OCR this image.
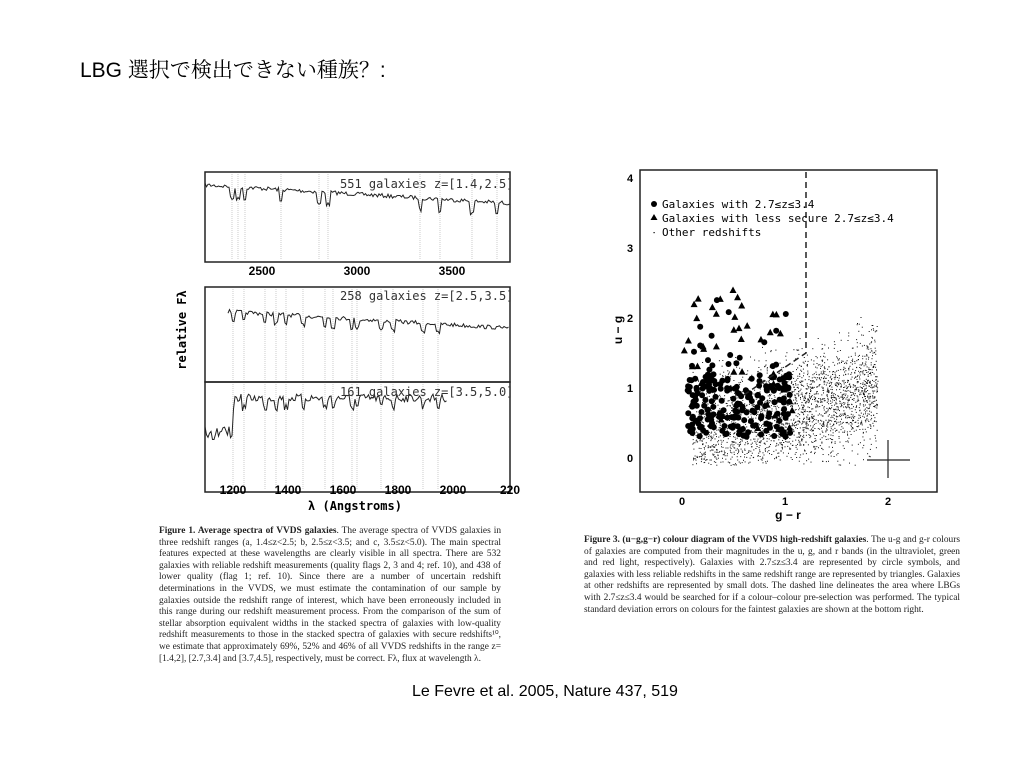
LBG 選択で検出できない種族？:
551 galaxies z=[1.4,2.5]
258 galaxies z=[2.5,3.5]
161 galaxies z=[3.5,5.0]
2500	3000	3500
1200 1400 1600 1800 2000	220
λ (Angstroms)
relative Fλ
Galaxies with 2.7≤z≤3.4
Galaxies with less secure 2.7≤z≤3.4
Other redshifts
0	1	2
0
1
2
3
4
g − r
u − g
Figure 1. Average spectra of VVDS galaxies. The average spectra of VVDS galaxies in three redshift ranges (a, 1.4≤z<2.5; b, 2.5≤z<3.5; and c, 3.5≤z<5.0). The main spectral features expected at these wavelengths are clearly visible in all spectra. There are 532 galaxies with reliable redshift measurements (quality flags 2, 3 and 4; ref. 10), and 438 of lower quality (flag 1; ref. 10). Since there are a number of uncertain redshift determinations in the VVDS, we must estimate the contamination of our sample by galaxies outside the redshift range of interest, which have been erroneously included in this range during our redshift measurement process. From the comparison of the sum of stellar absorption equivalent widths in the stacked spectra of galaxies with low-quality redshift measurements to those in the stacked spectra of galaxies with secure redshifts¹⁰, we estimate that approximately 69%, 52% and 46% of all VVDS redshifts in the range z=[1.4,2], [2.7,3.4] and [3.7,4.5], respectively, must be correct. Fλ, flux at wavelength λ.
Figure 3. (u−g,g−r) colour diagram of the VVDS high-redshift galaxies. The u-g and g-r colours of galaxies are computed from their magnitudes in the u, g, and r bands (in the ultraviolet, green and red light, respectively). Galaxies with 2.7≤z≤3.4 are represented by circle symbols, and galaxies with less reliable redshifts in the same redshift range are represented by triangles. Galaxies at other redshifts are represented by small dots. The dashed line delineates the area where LBGs with 2.7≤z≤3.4 would be searched for if a colour–colour pre-selection was performed. The typical standard deviation errors on colours for the faintest galaxies are shown at the bottom right.
Le Fevre et al. 2005, Nature 437, 519
